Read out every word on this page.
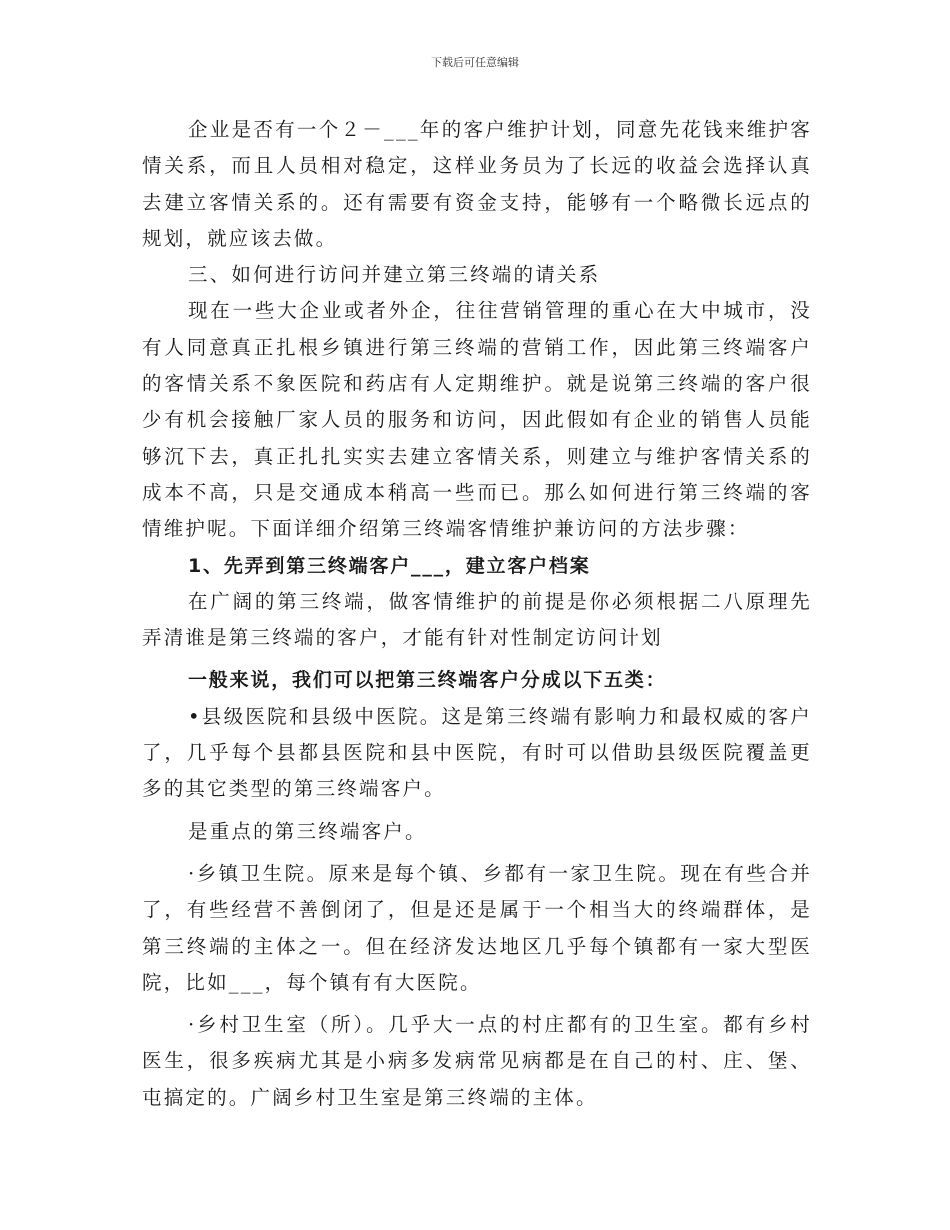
下载后可任意编辑

企业是否有一个２－___年的客户维护计划，同意先花钱来维护客情关系，而且人员相对稳定，这样业务员为了长远的收益会选择认真去建立客情关系的。还有需要有资金支持，能够有一个略微长远点的规划，就应该去做。

三、如何进行访问并建立第三终端的请关系

现在一些大企业或者外企，往往营销管理的重心在大中城市，没有人同意真正扎根乡镇进行第三终端的营销工作，因此第三终端客户的客情关系不象医院和药店有人定期维护。就是说第三终端的客户很少有机会接触厂家人员的服务和访问，因此假如有企业的销售人员能够沉下去，真正扎扎实实去建立客情关系，则建立与维护客情关系的成本不高，只是交通成本稍高一些而已。那么如何进行第三终端的客情维护呢。下面详细介绍第三终端客情维护兼访问的方法步骤：

1、先弄到第三终端客户___，建立客户档案

在广阔的第三终端，做客情维护的前提是你必须根据二八原理先弄清谁是第三终端的客户，才能有针对性制定访问计划

一般来说，我们可以把第三终端客户分成以下五类：

•县级医院和县级中医院。这是第三终端有影响力和最权威的客户了，几乎每个县都县医院和县中医院，有时可以借助县级医院覆盖更多的其它类型的第三终端客户。

是重点的第三终端客户。

·乡镇卫生院。原来是每个镇、乡都有一家卫生院。现在有些合并了，有些经营不善倒闭了，但是还是属于一个相当大的终端群体，是第三终端的主体之一。但在经济发达地区几乎每个镇都有一家大型医院，比如___，每个镇有有大医院。

·乡村卫生室（所）。几乎大一点的村庄都有的卫生室。都有乡村医生，很多疾病尤其是小病多发病常见病都是在自己的村、庄、堡、屯搞定的。广阔乡村卫生室是第三终端的主体。
